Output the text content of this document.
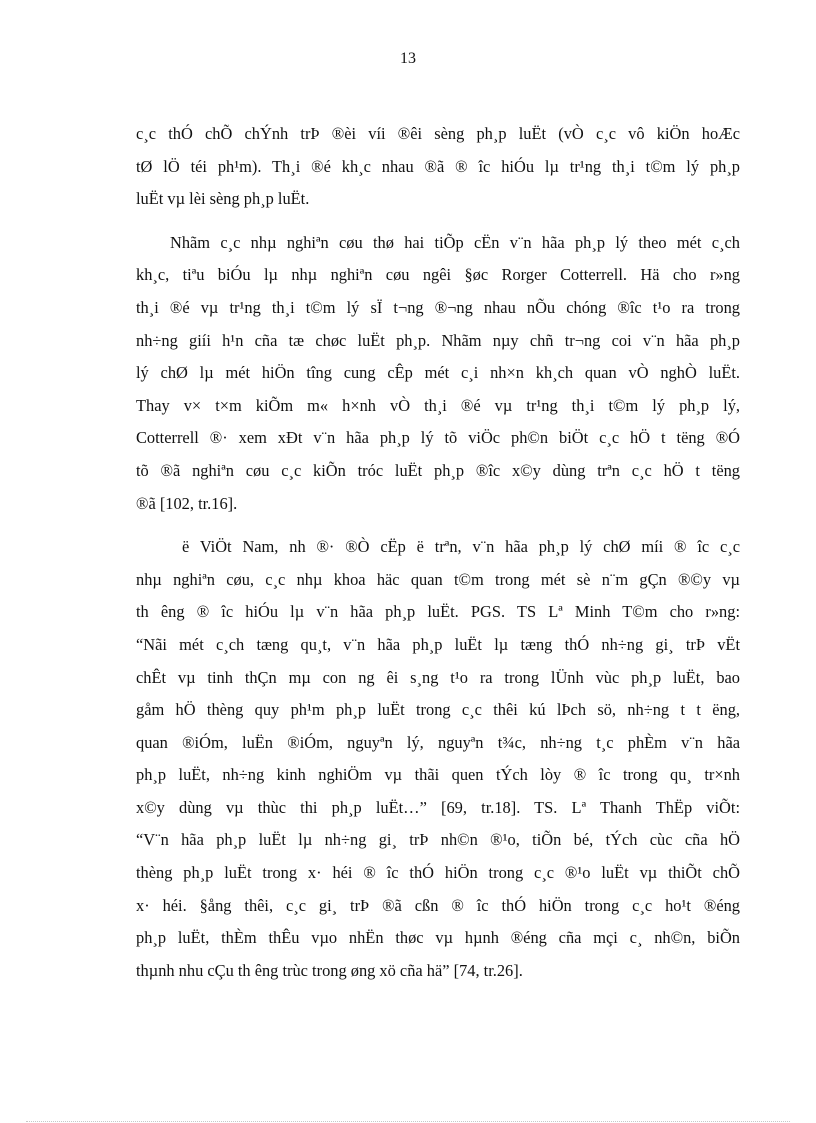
13

c¸c thÓ chÕ chÝnh trÞ ®èi víi ®êi sèng ph¸p luËt (vÒ c¸c vô kiÖn hoÆc
tØ lÖ téi ph¹m). Th¸i ®é kh¸c nhau ®ã ® îc hiÓu lµ tr¹ng th¸i t©m lý ph¸p
luËt vµ lèi sèng ph¸p luËt.

Nhãm c¸c nhµ nghiªn cøu thø hai tiÕp cËn v¨n hãa ph¸p lý theo mét c¸ch
kh¸c, tiªu biÓu lµ nhµ nghiªn cøu ngêi §øc Rorger Cotterrell. Hä cho r»ng
th¸i ®é vµ tr¹ng th¸i t©m lý sÏ t¬ng ®¬ng nhau nÕu chóng ®îc t¹o ra trong
nh÷ng giíi h¹n cña tæ chøc luËt ph¸p. Nhãm nµy chñ tr¬ng coi v¨n hãa ph¸p
lý chØ lµ mét hiÖn tîng cung cÊp mét c¸i nh×n kh¸ch quan vÒ nghÒ luËt.
Thay v× t×m kiÕm m« h×nh vÒ th¸i ®é vµ tr¹ng th¸i t©m lý ph¸p lý,
Cotterrell ®· xem xÐt v¨n hãa ph¸p lý tõ viÖc ph©n biÖt c¸c hÖ t tëng ®Ó
tõ ®ã nghiªn cøu c¸c kiÕn tróc luËt ph¸p ®îc x©y dùng trªn c¸c hÖ t tëng
®ã [102, tr.16].

ë ViÖt Nam, nh ®· ®Ò cËp ë trªn, v¨n hãa ph¸p lý chØ míi ® îc c¸c
nhµ nghiªn cøu, c¸c nhµ khoa häc quan t©m trong mét sè n¨m gÇn ®©y vµ
th êng ® îc hiÓu lµ v¨n hãa ph¸p luËt. PGS. TS Lª Minh T©m cho r»ng:
“Nãi mét c¸ch tæng qu¸t, v¨n hãa ph¸p luËt lµ tæng thÓ nh÷ng gi¸ trÞ vËt
chÊt vµ tinh thÇn mµ con ng êi s¸ng t¹o ra trong lÜnh vùc ph¸p luËt, bao
gåm hÖ thèng quy ph¹m ph¸p luËt trong c¸c thêi kú lÞch sö, nh÷ng t t ëng,
quan ®iÓm, luËn ®iÓm, nguyªn lý, nguyªn t¾c, nh÷ng t¸c phÈm v¨n hãa
ph¸p luËt, nh÷ng kinh nghiÖm vµ thãi quen tÝch lòy ® îc trong qu¸ tr×nh
x©y dùng vµ thùc thi ph¸p luËt…” [69, tr.18]. TS. Lª Thanh ThËp viÕt:
“V¨n hãa ph¸p luËt lµ nh÷ng gi¸ trÞ nh©n ®¹o, tiÕn bé, tÝch cùc cña hÖ
thèng ph¸p luËt trong x· héi ® îc thÓ hiÖn trong c¸c ®¹o luËt vµ thiÕt chÕ
x· héi. §ång thêi, c¸c gi¸ trÞ ®ã cßn ® îc thÓ hiÖn trong c¸c ho¹t ®éng
ph¸p luËt, thÈm thÊu vµo nhËn thøc vµ hµnh ®éng cña mçi c¸ nh©n, biÕn
thµnh nhu cÇu th êng trùc trong øng xö cña hä” [74, tr.26].
